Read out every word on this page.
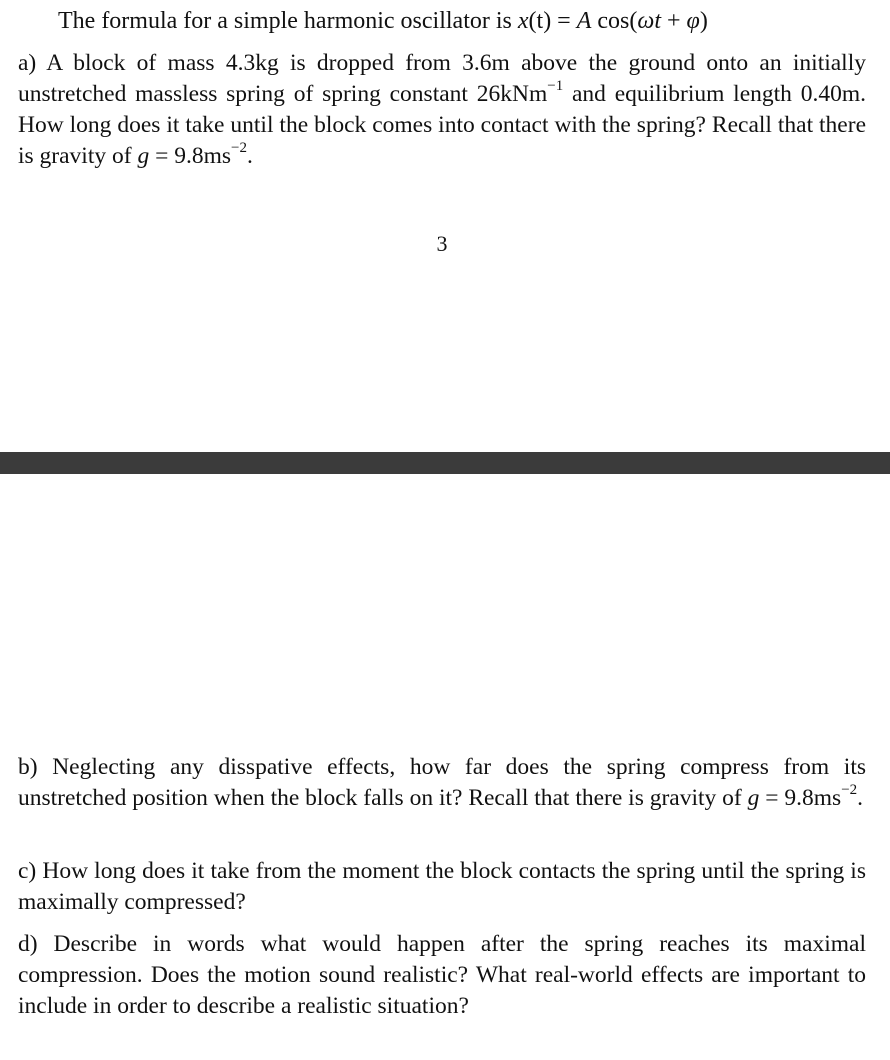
The formula for a simple harmonic oscillator is x(t) = A cos(ωt + φ)
a) A block of mass 4.3kg is dropped from 3.6m above the ground onto an initially unstretched massless spring of spring constant 26kNm$^{-1}$ and equilibrium length 0.40m. How long does it take until the block comes into contact with the spring? Recall that there is gravity of $g = 9.8ms^{-2}$.
3
b) Neglecting any disspative effects, how far does the spring compress from its unstretched position when the block falls on it? Recall that there is gravity of $g = 9.8ms^{-2}$.
c) How long does it take from the moment the block contacts the spring until the spring is maximally compressed?
d) Describe in words what would happen after the spring reaches its maximal compression. Does the motion sound realistic? What real-world effects are important to include in order to describe a realistic situation?
